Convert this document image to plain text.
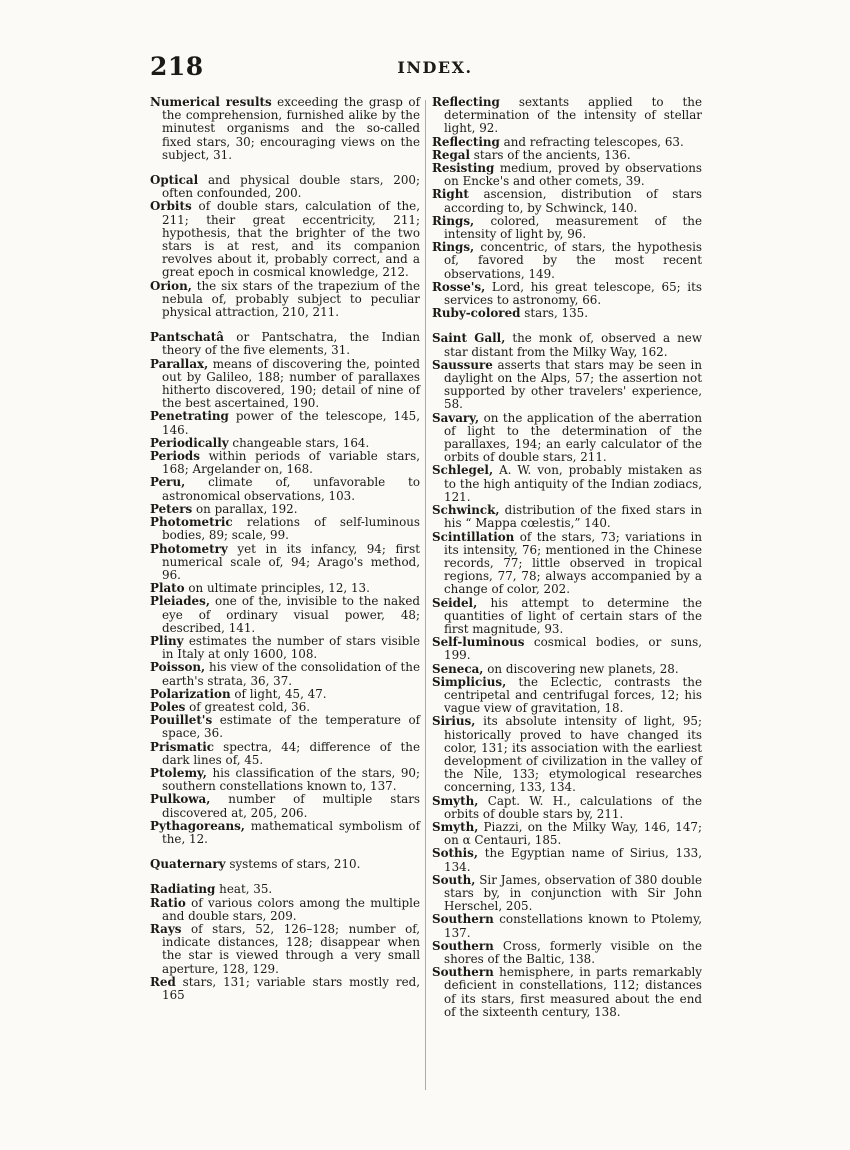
218	INDEX.

Numerical results exceeding the grasp of the comprehension, furnished alike by the minutest organisms and the so-called fixed stars, 30; encouraging views on the subject, 31.

Optical and physical double stars, 200; often confounded, 200.

Orbits of double stars, calculation of the, 211; their great eccentricity, 211; hypothesis, that the brighter of the two stars is at rest, and its companion revolves about it, probably correct, and a great epoch in cosmical knowledge, 212.

Orion, the six stars of the trapezium of the nebula of, probably subject to peculiar physical attraction, 210, 211.

Pantschatâ or Pantschatra, the Indian theory of the five elements, 31.

Parallax, means of discovering the, pointed out by Galileo, 188; number of parallaxes hitherto discovered, 190; detail of nine of the best ascertained, 190.

Penetrating power of the telescope, 145, 146.

Periodically changeable stars, 164.

Periods within periods of variable stars, 168; Argelander on, 168.

Peru, climate of, unfavorable to astronomical observations, 103.

Peters on parallax, 192.

Photometric relations of self-luminous bodies, 89; scale, 99.

Photometry yet in its infancy, 94; first numerical scale of, 94; Arago's method, 96.

Plato on ultimate principles, 12, 13.

Pleiades, one of the, invisible to the naked eye of ordinary visual power, 48; described, 141.

Pliny estimates the number of stars visible in Italy at only 1600, 108.

Poisson, his view of the consolidation of the earth's strata, 36, 37.

Polarization of light, 45, 47.

Poles of greatest cold, 36.

Pouillet's estimate of the temperature of space, 36.

Prismatic spectra, 44; difference of the dark lines of, 45.

Ptolemy, his classification of the stars, 90; southern constellations known to, 137.

Pulkowa, number of multiple stars discovered at, 205, 206.

Pythagoreans, mathematical symbolism of the, 12.

Quaternary systems of stars, 210.

Radiating heat, 35.

Ratio of various colors among the multiple and double stars, 209.

Rays of stars, 52, 126–128; number of, indicate distances, 128; disappear when the star is viewed through a very small aperture, 128, 129.

Red stars, 131; variable stars mostly red, 165

Reflecting sextants applied to the determination of the intensity of stellar light, 92.

Reflecting and refracting telescopes, 63.

Regal stars of the ancients, 136.

Resisting medium, proved by observations on Encke's and other comets, 39.

Right ascension, distribution of stars according to, by Schwinck, 140.

Rings, colored, measurement of the intensity of light by, 96.

Rings, concentric, of stars, the hypothesis of, favored by the most recent observations, 149.

Rosse's, Lord, his great telescope, 65; its services to astronomy, 66.

Ruby-colored stars, 135.

Saint Gall, the monk of, observed a new star distant from the Milky Way, 162.

Saussure asserts that stars may be seen in daylight on the Alps, 57; the assertion not supported by other travelers' experience, 58.

Savary, on the application of the aberration of light to the determination of the parallaxes, 194; an early calculator of the orbits of double stars, 211.

Schlegel, A. W. von, probably mistaken as to the high antiquity of the Indian zodiacs, 121.

Schwinck, distribution of the fixed stars in his “ Mappa cœlestis,” 140.

Scintillation of the stars, 73; variations in its intensity, 76; mentioned in the Chinese records, 77; little observed in tropical regions, 77, 78; always accompanied by a change of color, 202.

Seidel, his attempt to determine the quantities of light of certain stars of the first magnitude, 93.

Self-luminous cosmical bodies, or suns, 199.

Seneca, on discovering new planets, 28.

Simplicius, the Eclectic, contrasts the centripetal and centrifugal forces, 12; his vague view of gravitation, 18.

Sirius, its absolute intensity of light, 95; historically proved to have changed its color, 131; its association with the earliest development of civilization in the valley of the Nile, 133; etymological researches concerning, 133, 134.

Smyth, Capt. W. H., calculations of the orbits of double stars by, 211.

Smyth, Piazzi, on the Milky Way, 146, 147; on α Centauri, 185.

Sothis, the Egyptian name of Sirius, 133, 134.

South, Sir James, observation of 380 double stars by, in conjunction with Sir John Herschel, 205.

Southern constellations known to Ptolemy, 137.

Southern Cross, formerly visible on the shores of the Baltic, 138.

Southern hemisphere, in parts remarkably deficient in constellations, 112; distances of its stars, first measured about the end of the sixteenth century, 138.
